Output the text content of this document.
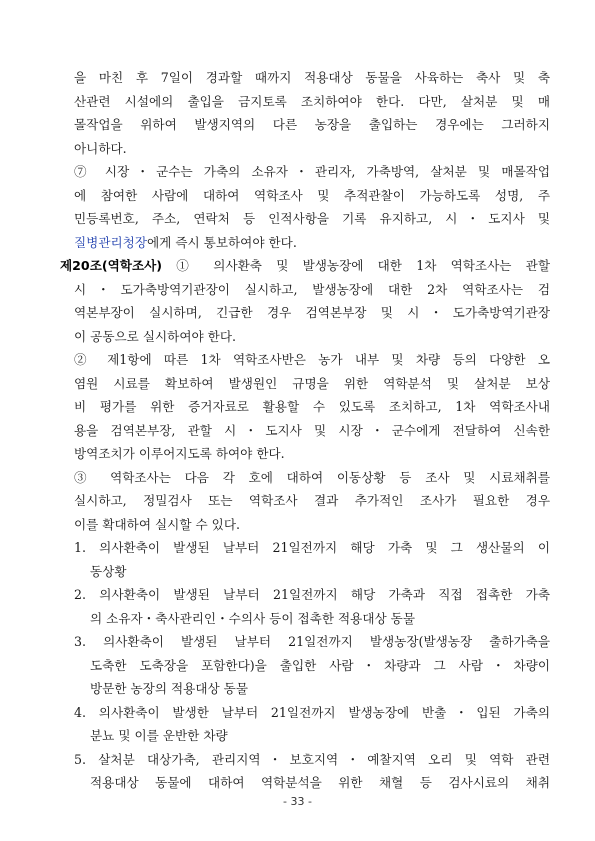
을 마친 후 7일이 경과할 때까지 적용대상 동물을 사육하는 축사 및 축
산관련 시설에의 출입을 금지토록 조치하여야 한다. 다만, 살처분 및 매
몰작업을 위하여 발생지역의 다른 농장을 출입하는 경우에는 그러하지
아니하다.
⑦ 시장・군수는 가축의 소유자・관리자, 가축방역, 살처분 및 매몰작업
에 참여한 사람에 대하여 역학조사 및 추적관찰이 가능하도록 성명, 주
민등록번호, 주소, 연락처 등 인적사항을 기록 유지하고, 시・도지사 및
질병관리청장에게 즉시 통보하여야 한다.
제20조(역학조사) ① 의사환축 및 발생농장에 대한 1차 역학조사는 관할
시・도가축방역기관장이 실시하고, 발생농장에 대한 2차 역학조사는 검
역본부장이 실시하며, 긴급한 경우 검역본부장 및 시・도가축방역기관장
이 공동으로 실시하여야 한다.
② 제1항에 따른 1차 역학조사반은 농가 내부 및 차량 등의 다양한 오
염원 시료를 확보하여 발생원인 규명을 위한 역학분석 및 살처분 보상
비 평가를 위한 증거자료로 활용할 수 있도록 조치하고, 1차 역학조사내
용을 검역본부장, 관할 시・도지사 및 시장・군수에게 전달하여 신속한
방역조치가 이루어지도록 하여야 한다.
③ 역학조사는 다음 각 호에 대하여 이동상황 등 조사 및 시료채취를
실시하고, 정밀검사 또는 역학조사 결과 추가적인 조사가 필요한 경우
이를 확대하여 실시할 수 있다.
1. 의사환축이 발생된 날부터 21일전까지 해당 가축 및 그 생산물의 이
동상황
2. 의사환축이 발생된 날부터 21일전까지 해당 가축과 직접 접촉한 가축
의 소유자・축사관리인・수의사 등이 접촉한 적용대상 동물
3. 의사환축이 발생된 날부터 21일전까지 발생농장(발생농장 출하가축을
도축한 도축장을 포함한다)을 출입한 사람・차량과 그 사람・차량이
방문한 농장의 적용대상 동물
4. 의사환축이 발생한 날부터 21일전까지 발생농장에 반출・입된 가축의
분뇨 및 이를 운반한 차량
5. 살처분 대상가축, 관리지역・보호지역・예찰지역 오리 및 역학 관련
적용대상 동물에 대하여 역학분석을 위한 채혈 등 검사시료의 채취
- 33 -
